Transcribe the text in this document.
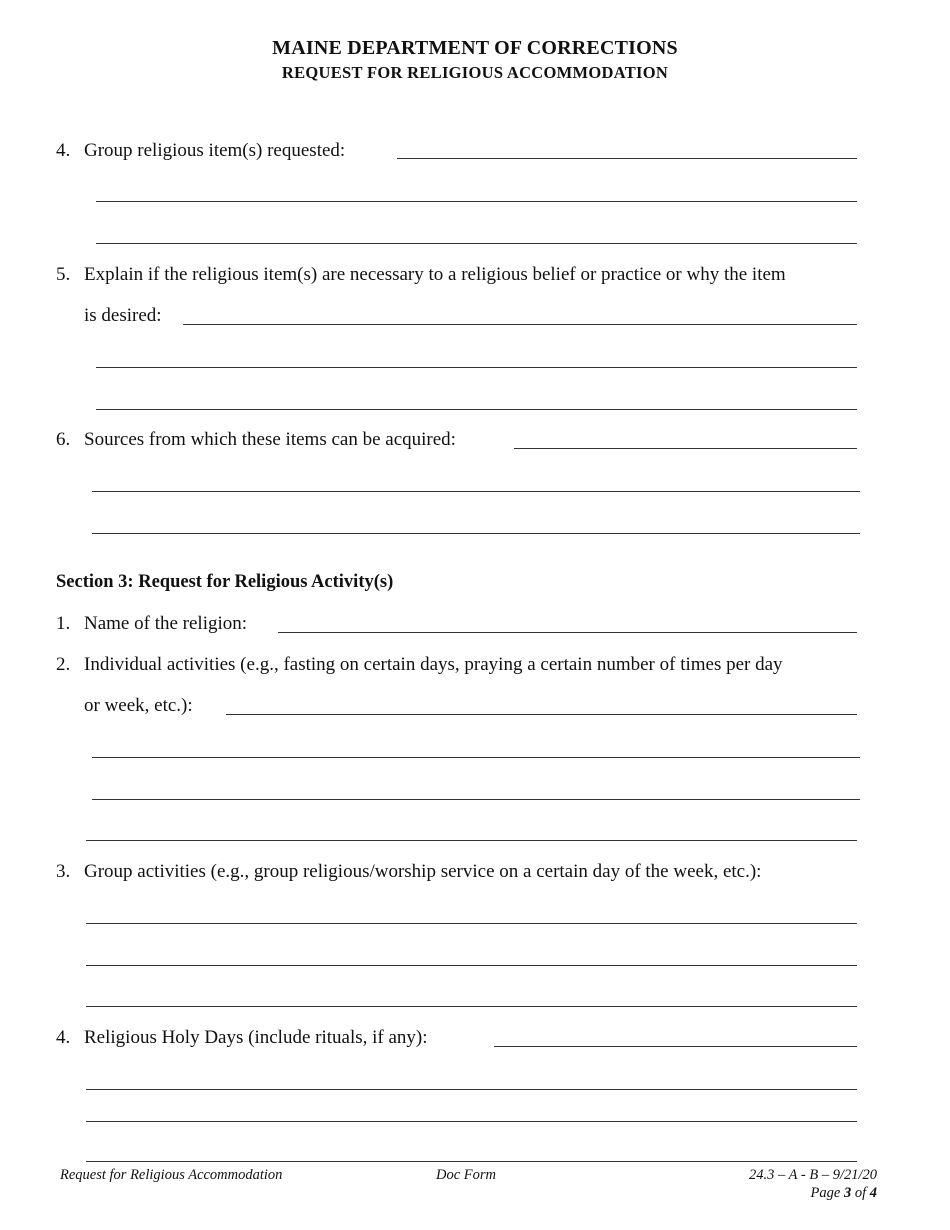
MAINE DEPARTMENT OF CORRECTIONS
REQUEST FOR RELIGIOUS ACCOMMODATION
4. Group religious item(s) requested:
5. Explain if the religious item(s) are necessary to a religious belief or practice or why the item
is desired:
6. Sources from which these items can be acquired:
Section 3: Request for Religious Activity(s)
1. Name of the religion:
2. Individual activities (e.g., fasting on certain days, praying a certain number of times per day
or week, etc.):
3. Group activities (e.g., group religious/worship service on a certain day of the week, etc.):
4. Religious Holy Days (include rituals, if any):
Request for Religious Accommodation	Doc Form	24.3 – A - B – 9/21/20
Page 3 of 4
